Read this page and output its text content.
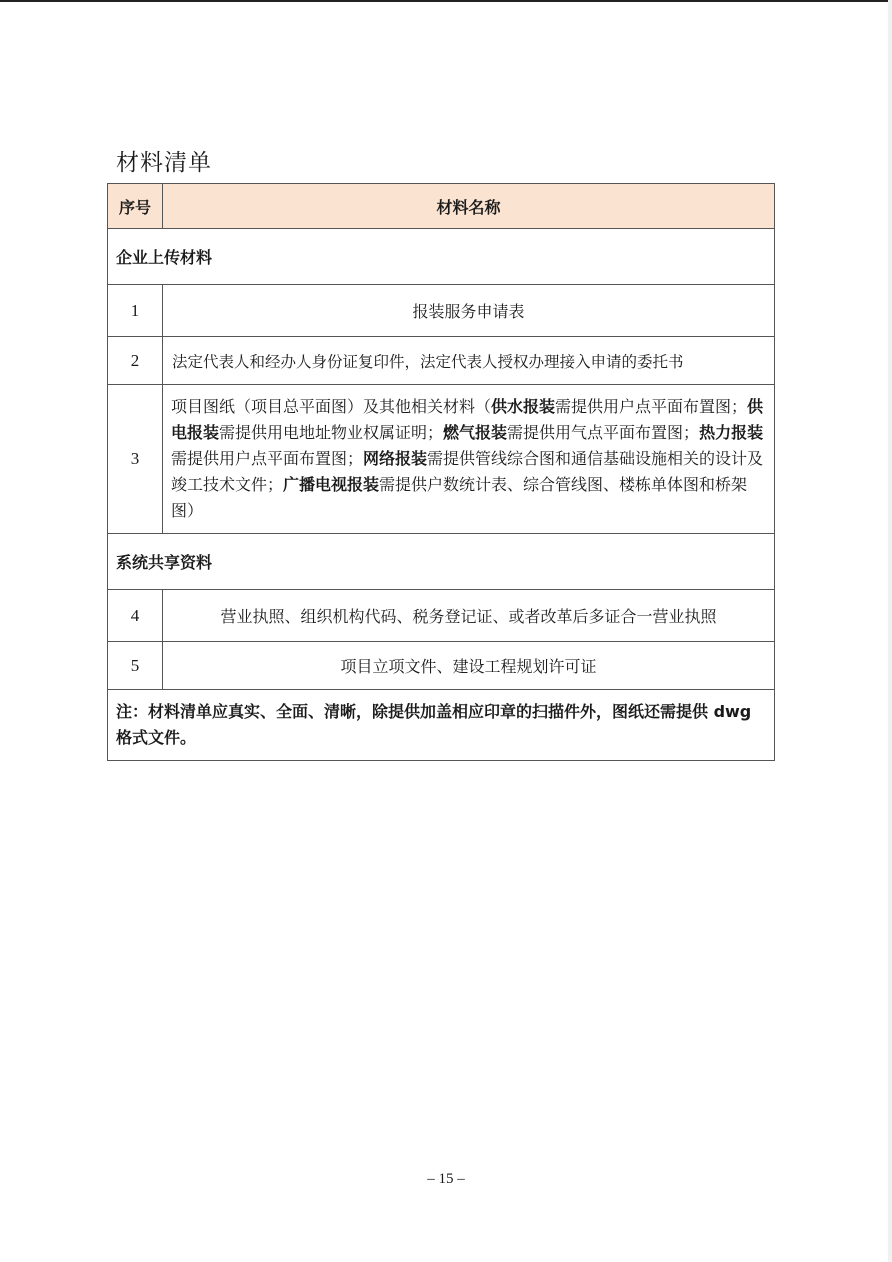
材料清单
序号	材料名称
企业上传材料	
1	报装服务申请表
2	法定代表人和经办人身份证复印件，法定代表人授权办理接入申请的委托书
3	项目图纸（项目总平面图）及其他相关材料（供水报装需提供用户点平面布置图；供电报装需提供用电地址物业权属证明；燃气报装需提供用气点平面布置图；热力报装需提供用户点平面布置图；网络报装需提供管线综合图和通信基础设施相关的设计及竣工技术文件；广播电视报装需提供户数统计表、综合管线图、楼栋单体图和桥架图）
系统共享资料	
4	营业执照、组织机构代码、税务登记证、或者改革后多证合一营业执照
5	项目立项文件、建设工程规划许可证
注：材料清单应真实、全面、清晰，除提供加盖相应印章的扫描件外，图纸还需提供 dwg 格式文件。	
– 15 –
